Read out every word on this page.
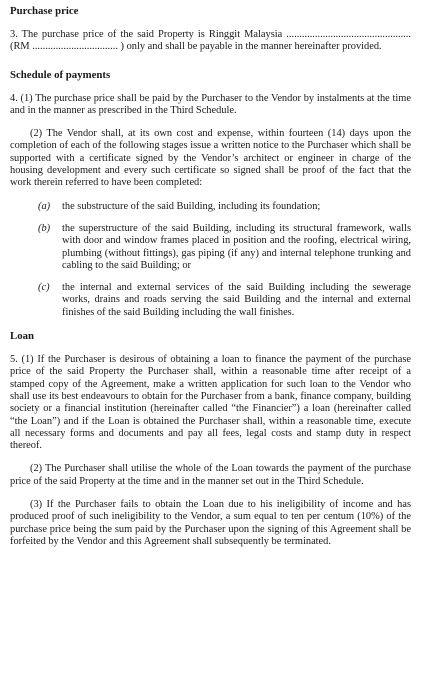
Purchase price

3. The purchase price of the said Property is Ringgit Malaysia ................................................ (RM ................................. ) only and shall be payable in the manner hereinafter provided.

Schedule of payments

4. (1) The purchase price shall be paid by the Purchaser to the Vendor by instalments at the time and in the manner as prescribed in the Third Schedule.

(2) The Vendor shall, at its own cost and expense, within fourteen (14) days upon the completion of each of the following stages issue a written notice to the Purchaser which shall be supported with a certificate signed by the Vendor’s architect or engineer in charge of the housing development and every such certificate so signed shall be proof of the fact that the work therein referred to have been completed:

(a) the substructure of the said Building, including its foundation;
(b) the superstructure of the said Building, including its structural framework, walls with door and window frames placed in position and the roofing, electrical wiring, plumbing (without fittings), gas piping (if any) and internal telephone trunking and cabling to the said Building; or
(c) the internal and external services of the said Building including the sewerage works, drains and roads serving the said Building and the internal and external finishes of the said Building including the wall finishes.
Loan

5. (1) If the Purchaser is desirous of obtaining a loan to finance the payment of the purchase price of the said Property the Purchaser shall, within a reasonable time after receipt of a stamped copy of the Agreement, make a written application for such loan to the Vendor who shall use its best endeavours to obtain for the Purchaser from a bank, finance company, building society or a financial institution (hereinafter called “the Financier”) a loan (hereinafter called “the Loan”) and if the Loan is obtained the Purchaser shall, within a reasonable time, execute all necessary forms and documents and pay all fees, legal costs and stamp duty in respect thereof.

(2) The Purchaser shall utilise the whole of the Loan towards the payment of the purchase price of the said Property at the time and in the manner set out in the Third Schedule.

(3) If the Purchaser fails to obtain the Loan due to his ineligibility of income and has produced proof of such ineligibility to the Vendor, a sum equal to ten per centum (10%) of the purchase price being the sum paid by the Purchaser upon the signing of this Agreement shall be forfeited by the Vendor and this Agreement shall subsequently be terminated.
